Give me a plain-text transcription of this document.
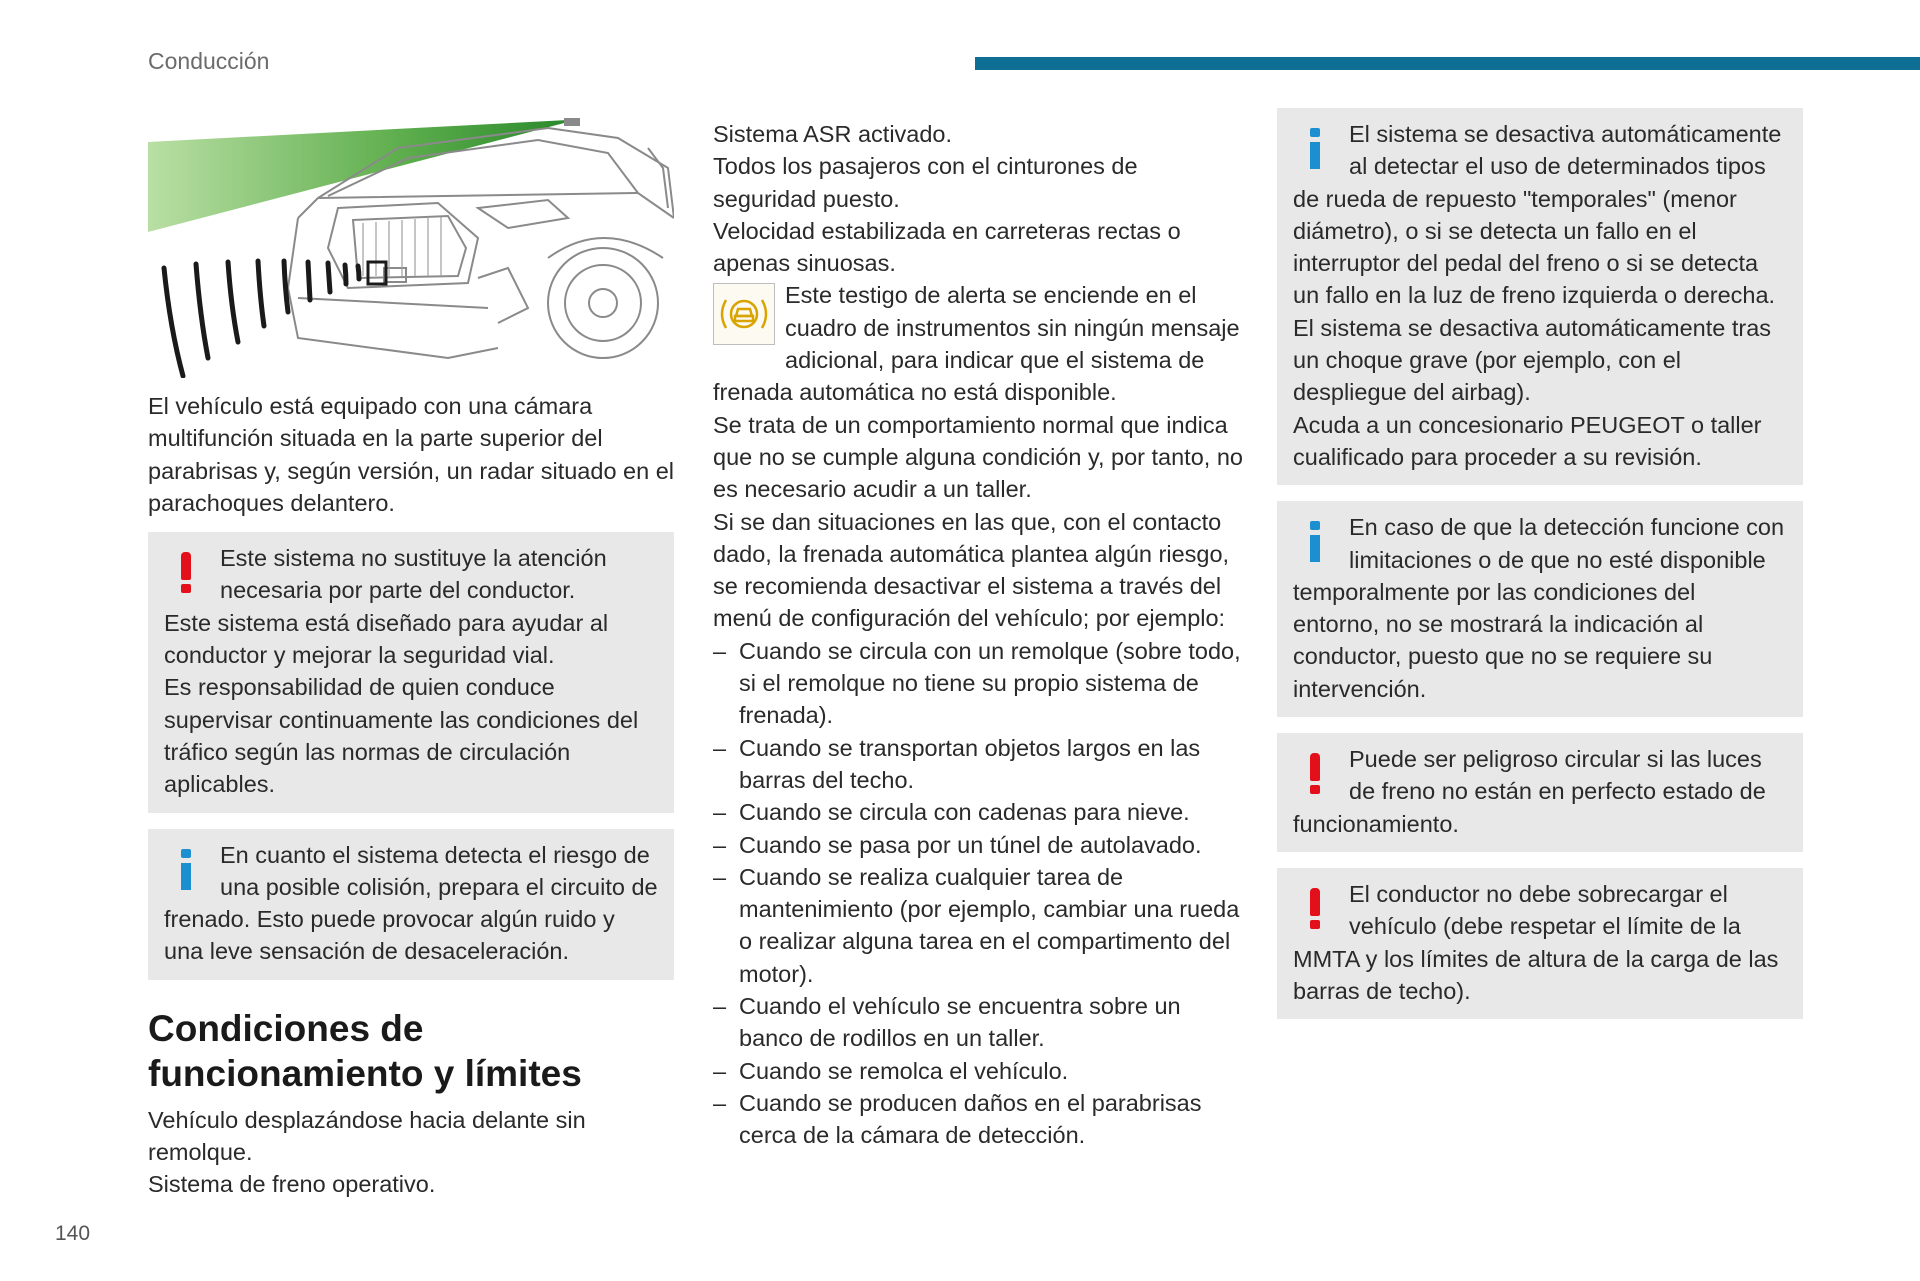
Conducción

El vehículo está equipado con una cámara multifunción situada en la parte superior del parabrisas y, según versión, un radar situado en el parachoques delantero.

Este sistema no sustituye la atención necesaria por parte del conductor.

Este sistema está diseñado para ayudar al conductor y mejorar la seguridad vial.

Es responsabilidad de quien conduce supervisar continuamente las condiciones del tráfico según las normas de circulación aplicables.

En cuanto el sistema detecta el riesgo de una posible colisión, prepara el circuito de frenado. Esto puede provocar algún ruido y una leve sensación de desaceleración.

Condiciones de funcionamiento y límites

Vehículo desplazándose hacia delante sin remolque.

Sistema de freno operativo.

Sistema ASR activado.

Todos los pasajeros con el cinturones de seguridad puesto.

Velocidad estabilizada en carreteras rectas o apenas sinuosas.

Este testigo de alerta se enciende en el cuadro de instrumentos sin ningún mensaje adicional, para indicar que el sistema de frenada automática no está disponible.

Se trata de un comportamiento normal que indica que no se cumple alguna condición y, por tanto, no es necesario acudir a un taller.

Si se dan situaciones en las que, con el contacto dado, la frenada automática plantea algún riesgo, se recomienda desactivar el sistema a través del menú de configuración del vehículo; por ejemplo:

– Cuando se circula con un remolque (sobre todo, si el remolque no tiene su propio sistema de frenada).
– Cuando se transportan objetos largos en las barras del techo.
– Cuando se circula con cadenas para nieve.
– Cuando se pasa por un túnel de autolavado.
– Cuando se realiza cualquier tarea de mantenimiento (por ejemplo, cambiar una rueda o realizar alguna tarea en el compartimento del motor).
– Cuando el vehículo se encuentra sobre un banco de rodillos en un taller.
– Cuando se remolca el vehículo.
– Cuando se producen daños en el parabrisas cerca de la cámara de detección.

El sistema se desactiva automáticamente al detectar el uso de determinados tipos de rueda de repuesto "temporales" (menor diámetro), o si se detecta un fallo en el interruptor del pedal del freno o si se detecta un fallo en la luz de freno izquierda o derecha.

El sistema se desactiva automáticamente tras un choque grave (por ejemplo, con el despliegue del airbag).

Acuda a un concesionario PEUGEOT o taller cualificado para proceder a su revisión.

En caso de que la detección funcione con limitaciones o de que no esté disponible temporalmente por las condiciones del entorno, no se mostrará la indicación al conductor, puesto que no se requiere su intervención.

Puede ser peligroso circular si las luces de freno no están en perfecto estado de funcionamiento.

El conductor no debe sobrecargar el vehículo (debe respetar el límite de la MMTA y los límites de altura de la carga de las barras de techo).

140
